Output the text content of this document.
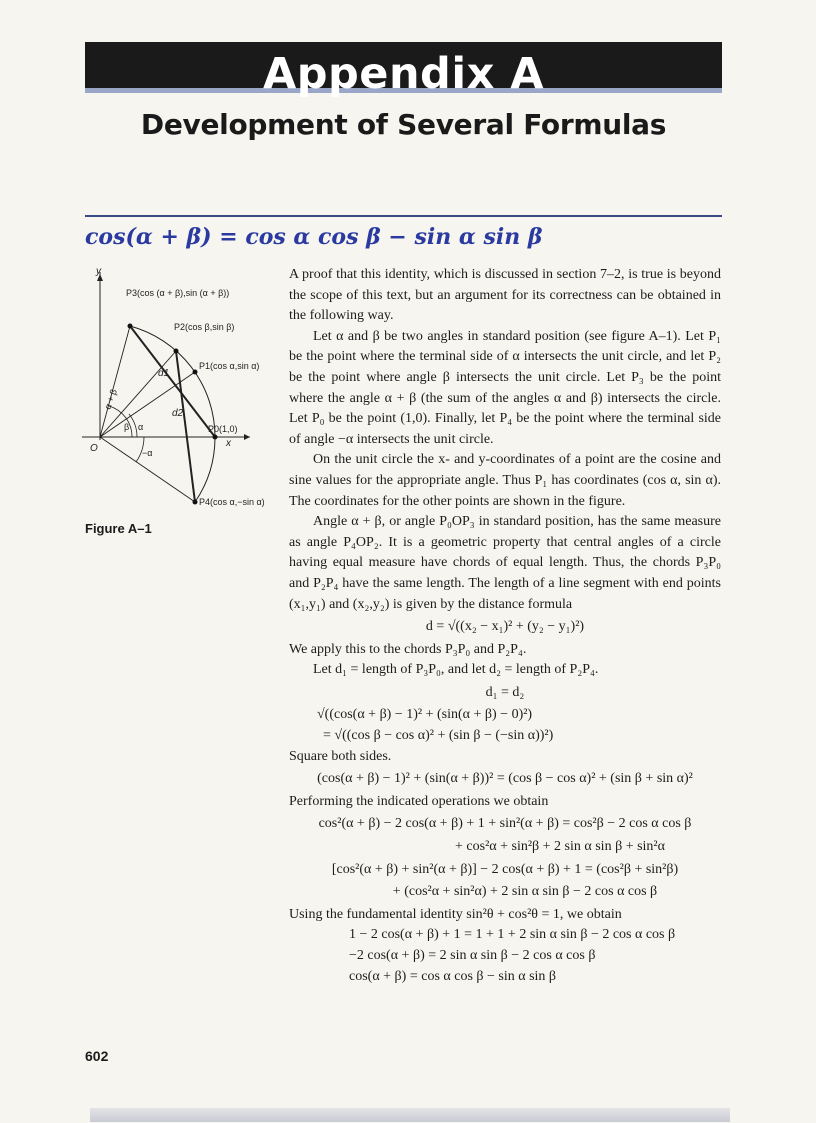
Appendix A
Development of Several Formulas
cos(α + β) = cos α cos β − sin α sin β
y
x
O
P3(cos (α + β),sin (α + β))
P2(cos β,sin β)
P1(cos α,sin α)
P0(1,0)
P4(cos α,−sin α)
d1
d2
α + β
β α
−α
Figure A–1

A proof that this identity, which is discussed in section 7–2, is true is beyond the scope of this text, but an argument for its correctness can be obtained in the following way.

Let α and β be two angles in standard position (see figure A–1). Let P₁ be the point where the terminal side of α intersects the unit circle, and let P₂ be the point where angle β intersects the unit circle. Let P₃ be the point where the angle α + β (the sum of the angles α and β) intersects the circle. Let P₀ be the point (1,0). Finally, let P₄ be the point where the terminal side of angle −α intersects the unit circle.

On the unit circle the x- and y-coordinates of a point are the cosine and sine values for the appropriate angle. Thus P₁ has coordinates (cos α, sin α). The coordinates for the other points are shown in the figure.

Angle α + β, or angle P₀OP₃ in standard position, has the same measure as angle P₄OP₂. It is a geometric property that central angles of a circle having equal measure have chords of equal length. Thus, the chords P₃P₀ and P₂P₄ have the same length. The length of a line segment with end points (x₁,y₁) and (x₂,y₂) is given by the distance formula

d = √((x₂ − x₁)² + (y₂ − y₁)²)

We apply this to the chords P₃P₀ and P₂P₄.

Let d₁ = length of P₃P₀, and let d₂ = length of P₂P₄.

d₁ = d₂
√((cos(α + β) − 1)² + (sin(α + β) − 0)²)
= √((cos β − cos α)² + (sin β − (−sin α))²)

Square both sides.

(cos(α + β) − 1)² + (sin(α + β))² = (cos β − cos α)² + (sin β + sin α)²

Performing the indicated operations we obtain

cos²(α + β) − 2 cos(α + β) + 1 + sin²(α + β) = cos²β − 2 cos α cos β
+ cos²α + sin²β + 2 sin α sin β + sin²α
[cos²(α + β) + sin²(α + β)] − 2 cos(α + β) + 1 = (cos²β + sin²β)
+ (cos²α + sin²α) + 2 sin α sin β − 2 cos α cos β

Using the fundamental identity sin²θ + cos²θ = 1, we obtain

1 − 2 cos(α + β) + 1 = 1 + 1 + 2 sin α sin β − 2 cos α cos β
−2 cos(α + β) = 2 sin α sin β − 2 cos α cos β
cos(α + β) = cos α cos β − sin α sin β
602
